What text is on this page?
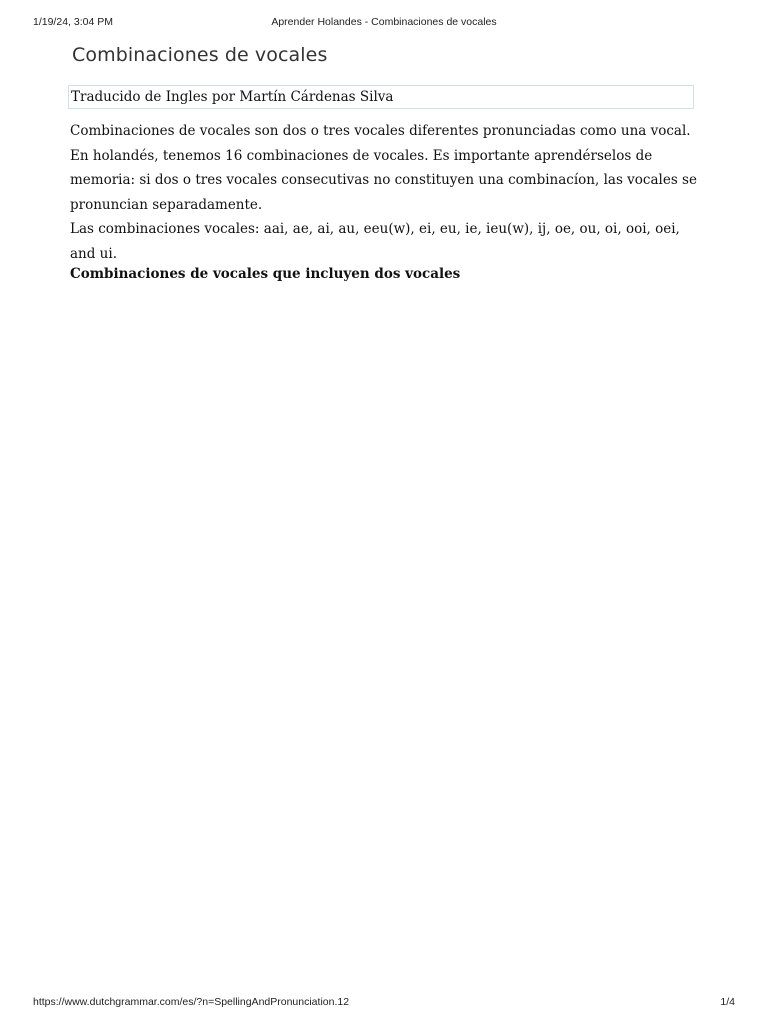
1/19/24, 3:04 PM	Aprender Holandes - Combinaciones de vocales
Combinaciones de vocales
Traducido de Ingles por Martín Cárdenas Silva

Combinaciones de vocales son dos o tres vocales diferentes pronunciadas como una vocal. En holandés, tenemos 16 combinaciones de vocales. Es importante aprendérselos de memoria: si dos o tres vocales consecutivas no constituyen una combinacíon, las vocales se pronuncian separadamente.

Las combinaciones vocales: aai, ae, ai, au, eeu(w), ei, eu, ie, ieu(w), ij, oe, ou, oi, ooi, oei, and ui.

Combinaciones de vocales que incluyen dos vocales
https://www.dutchgrammar.com/es/?n=SpellingAndPronunciation.12	1/4
